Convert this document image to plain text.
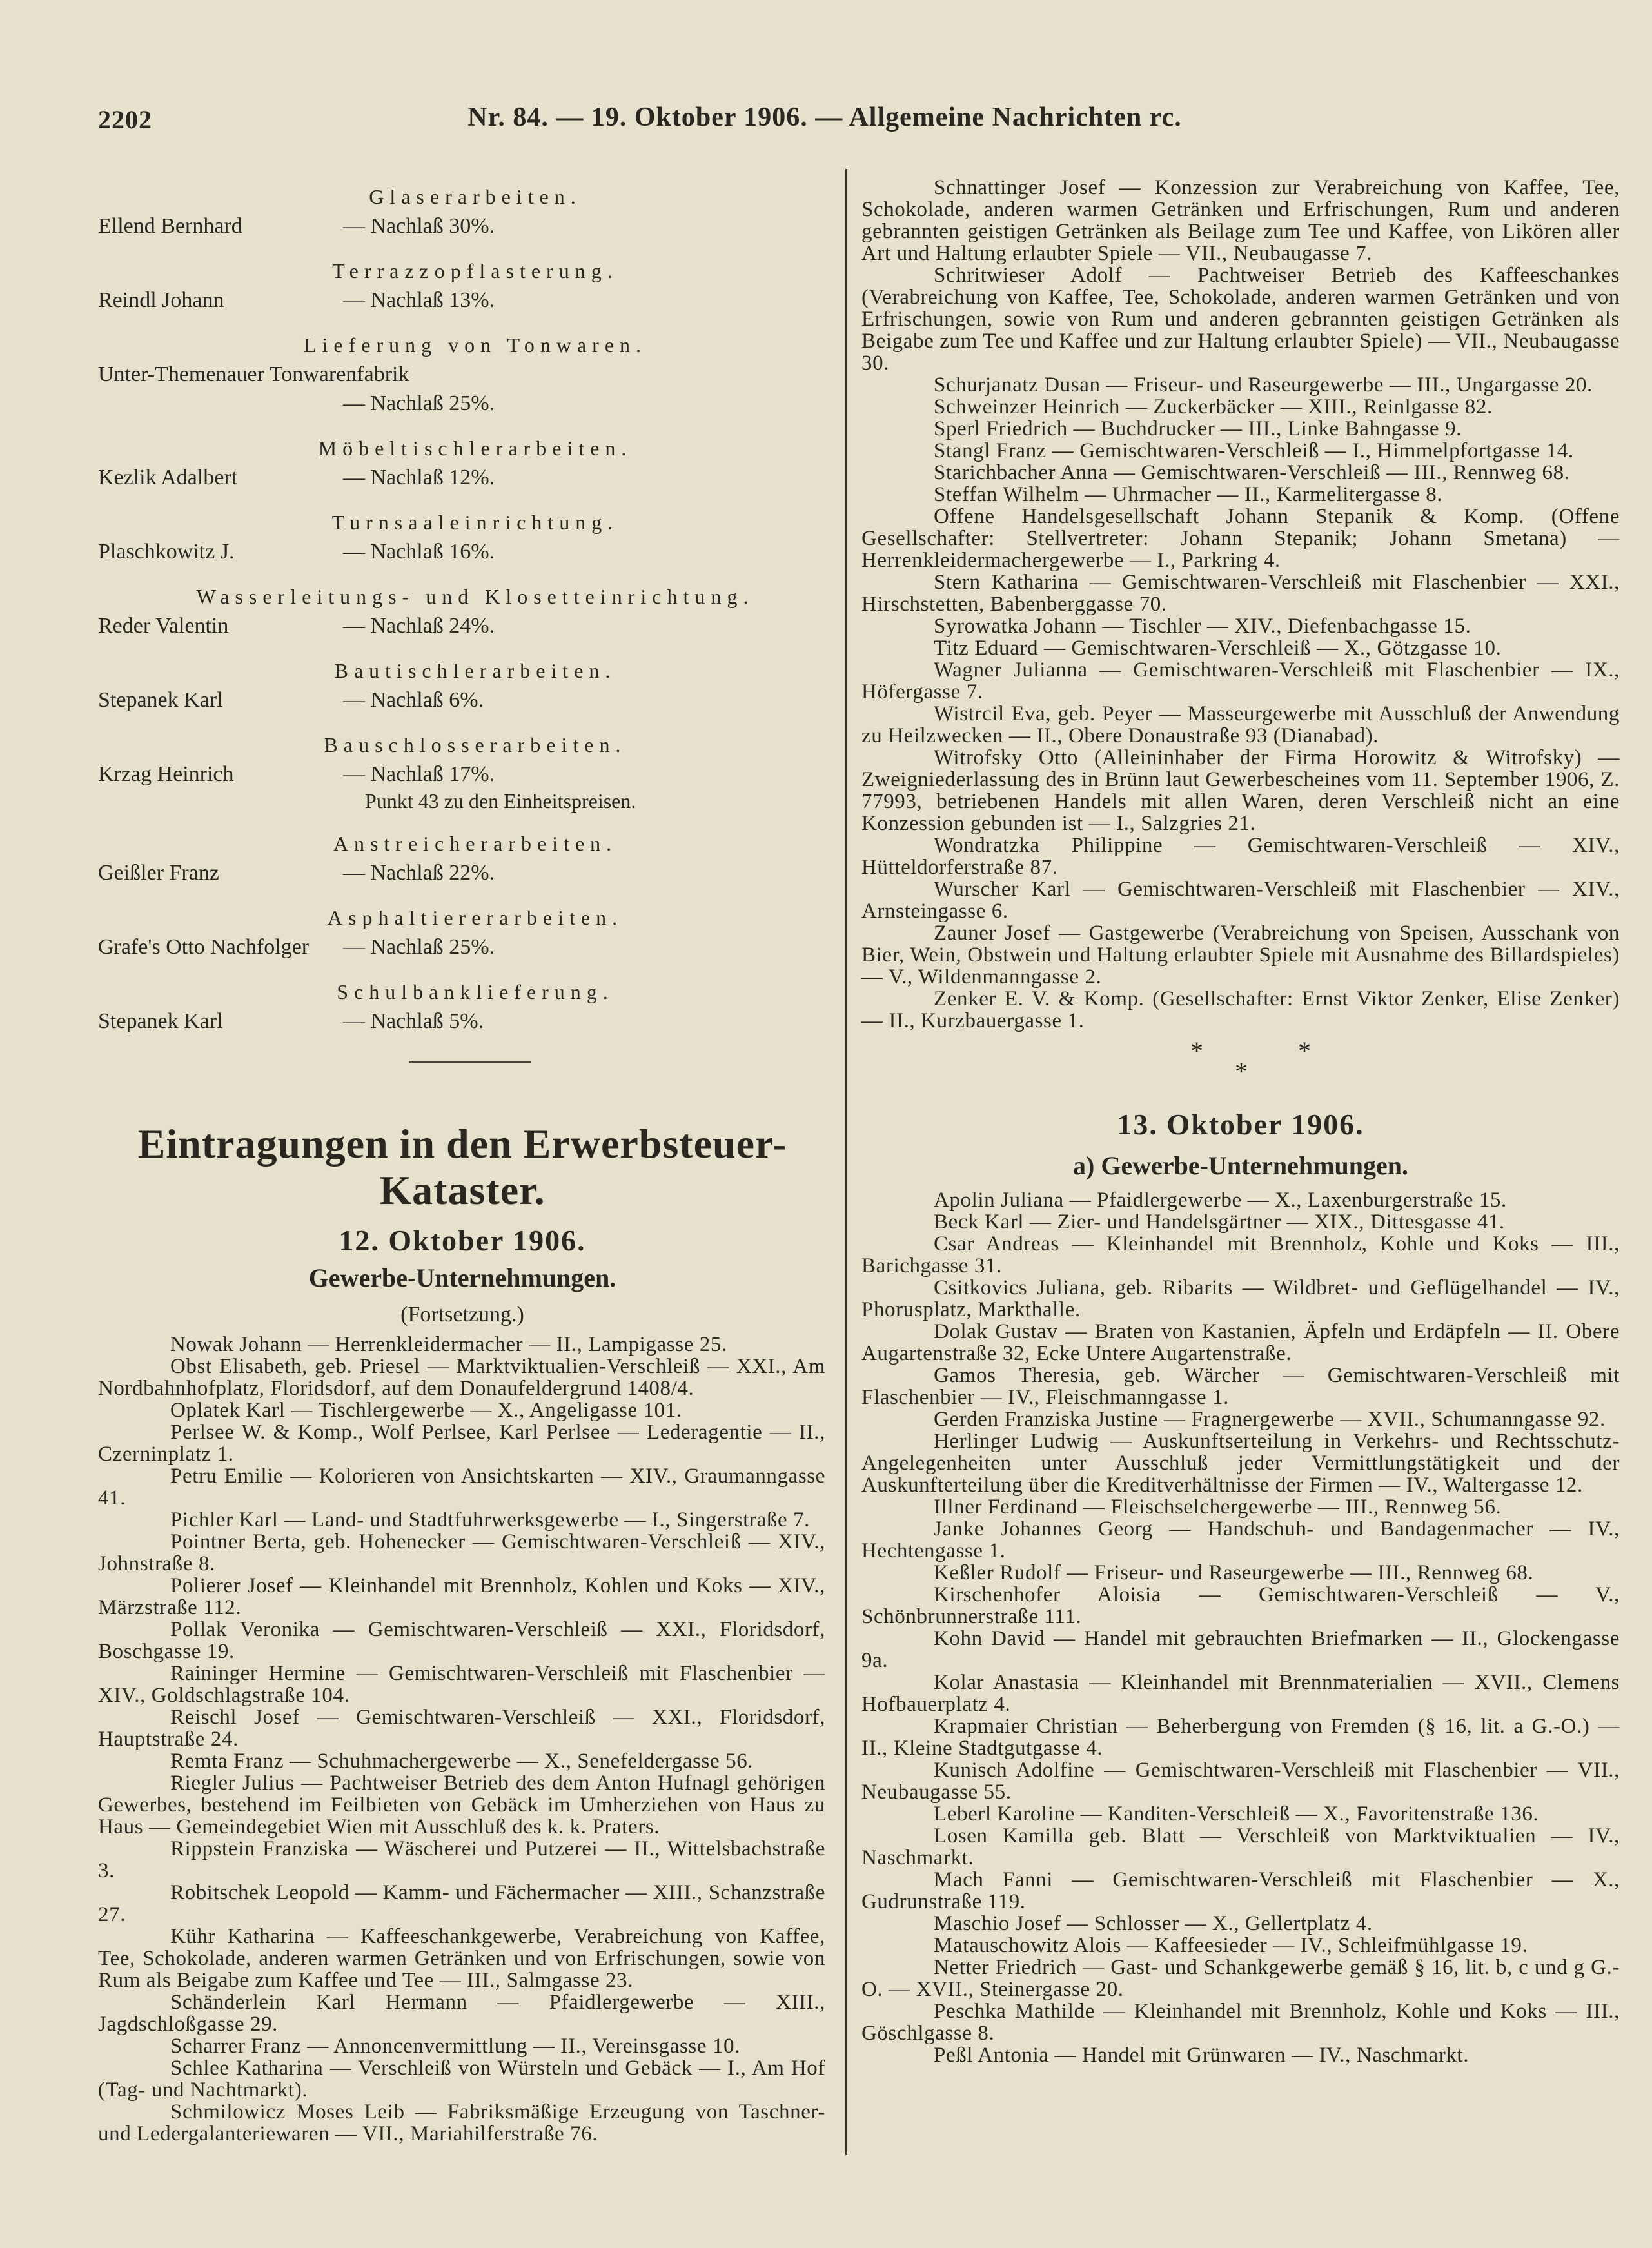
2202	Nr. 84. — 19. Oktober 1906. — Allgemeine Nachrichten rc.
Glaserarbeiten.
Ellend Bernhard	— Nachlaß 30%.
Terrazzopflasterung.
Reindl Johann	— Nachlaß 13%.
Lieferung von Tonwaren.
Unter-Themenauer Tonwarenfabrik
— Nachlaß 25%.
Möbeltischlerarbeiten.
Kezlik Adalbert	— Nachlaß 12%.
Turnsaaleinrichtung.
Plaschkowitz J.	— Nachlaß 16%.
Wasserleitungs- und Klosetteinrichtung.
Reder Valentin	— Nachlaß 24%.
Bautischlerarbeiten.
Stepanek Karl	— Nachlaß 6%.
Bauschlosserarbeiten.
Krzag Heinrich	— Nachlaß 17%.
Punkt 43 zu den Einheitspreisen.
Anstreicherarbeiten.
Geißler Franz	— Nachlaß 22%.
Asphaltiererarbeiten.
Grafe's Otto Nachfolger — Nachlaß 25%.
Schulbanklieferung.
Stepanek Karl	— Nachlaß 5%.
Eintragungen in den Erwerbsteuer-Kataster.
12. Oktober 1906.
Gewerbe-Unternehmungen.
(Fortsetzung.)

Nowak Johann — Herrenkleidermacher — II., Lampigasse 25.

Obst Elisabeth, geb. Priesel — Marktviktualien-Verschleiß — XXI., Am Nordbahnhofplatz, Floridsdorf, auf dem Donaufeldergrund 1408/4.

Oplatek Karl — Tischlergewerbe — X., Angeligasse 101.

Perlsee W. & Komp., Wolf Perlsee, Karl Perlsee — Lederagentie — II., Czerninplatz 1.

Petru Emilie — Kolorieren von Ansichtskarten — XIV., Graumanngasse 41.

Pichler Karl — Land- und Stadtfuhrwerksgewerbe — I., Singerstraße 7.

Pointner Berta, geb. Hohenecker — Gemischtwaren-Verschleiß — XIV., Johnstraße 8.

Polierer Josef — Kleinhandel mit Brennholz, Kohlen und Koks — XIV., Märzstraße 112.

Pollak Veronika — Gemischtwaren-Verschleiß — XXI., Floridsdorf, Boschgasse 19.

Raininger Hermine — Gemischtwaren-Verschleiß mit Flaschenbier — XIV., Goldschlagstraße 104.

Reischl Josef — Gemischtwaren-Verschleiß — XXI., Floridsdorf, Hauptstraße 24.

Remta Franz — Schuhmachergewerbe — X., Senefeldergasse 56.

Riegler Julius — Pachtweiser Betrieb des dem Anton Hufnagl gehörigen Gewerbes, bestehend im Feilbieten von Gebäck im Umherziehen von Haus zu Haus — Gemeindegebiet Wien mit Ausschluß des k. k. Praters.

Rippstein Franziska — Wäscherei und Putzerei — II., Wittelsbachstraße 3.

Robitschek Leopold — Kamm- und Fächermacher — XIII., Schanzstraße 27.

Kühr Katharina — Kaffeeschankgewerbe, Verabreichung von Kaffee, Tee, Schokolade, anderen warmen Getränken und von Erfrischungen, sowie von Rum als Beigabe zum Kaffee und Tee — III., Salmgasse 23.

Schänderlein Karl Hermann — Pfaidlergewerbe — XIII., Jagdschloßgasse 29.

Scharrer Franz — Annoncenvermittlung — II., Vereinsgasse 10.

Schlee Katharina — Verschleiß von Würsteln und Gebäck — I., Am Hof (Tag- und Nachtmarkt).

Schmilowicz Moses Leib — Fabriksmäßige Erzeugung von Taschner- und Ledergalanteriewaren — VII., Mariahilferstraße 76.

Schnattinger Josef — Konzession zur Verabreichung von Kaffee, Tee, Schokolade, anderen warmen Getränken und Erfrischungen, Rum und anderen gebrannten geistigen Getränken als Beilage zum Tee und Kaffee, von Likören aller Art und Haltung erlaubter Spiele — VII., Neubaugasse 7.

Schritwieser Adolf — Pachtweiser Betrieb des Kaffeeschankes (Verabreichung von Kaffee, Tee, Schokolade, anderen warmen Getränken und von Erfrischungen, sowie von Rum und anderen gebrannten geistigen Getränken als Beigabe zum Tee und Kaffee und zur Haltung erlaubter Spiele) — VII., Neubaugasse 30.

Schurjanatz Dusan — Friseur- und Raseurgewerbe — III., Ungargasse 20.

Schweinzer Heinrich — Zuckerbäcker — XIII., Reinlgasse 82.

Sperl Friedrich — Buchdrucker — III., Linke Bahngasse 9.

Stangl Franz — Gemischtwaren-Verschleiß — I., Himmelpfortgasse 14.

Starichbacher Anna — Gemischtwaren-Verschleiß — III., Rennweg 68.

Steffan Wilhelm — Uhrmacher — II., Karmelitergasse 8.

Offene Handelsgesellschaft Johann Stepanik & Komp. (Offene Gesellschafter: Stellvertreter: Johann Stepanik; Johann Smetana) — Herrenkleidermachergewerbe — I., Parkring 4.

Stern Katharina — Gemischtwaren-Verschleiß mit Flaschenbier — XXI., Hirschstetten, Babenberggasse 70.

Syrowatka Johann — Tischler — XIV., Diefenbachgasse 15.

Titz Eduard — Gemischtwaren-Verschleiß — X., Götzgasse 10.

Wagner Julianna — Gemischtwaren-Verschleiß mit Flaschenbier — IX., Höfergasse 7.

Wistrcil Eva, geb. Peyer — Masseurgewerbe mit Ausschluß der Anwendung zu Heilzwecken — II., Obere Donaustraße 93 (Dianabad).

Witrofsky Otto (Alleininhaber der Firma Horowitz & Witrofsky) — Zweigniederlassung des in Brünn laut Gewerbescheines vom 11. September 1906, Z. 77993, betriebenen Handels mit allen Waren, deren Verschleiß nicht an eine Konzession gebunden ist — I., Salzgries 21.

Wondratzka Philippine — Gemischtwaren-Verschleiß — XIV., Hütteldorferstraße 87.

Wurscher Karl — Gemischtwaren-Verschleiß mit Flaschenbier — XIV., Arnsteingasse 6.

Zauner Josef — Gastgewerbe (Verabreichung von Speisen, Ausschank von Bier, Wein, Obstwein und Haltung erlaubter Spiele mit Ausnahme des Billardspieles) — V., Wildenmanngasse 2.

Zenker E. V. & Komp. (Gesellschafter: Ernst Viktor Zenker, Elise Zenker) — II., Kurzbauergasse 1.

*	*
*
13. Oktober 1906.
a) Gewerbe-Unternehmungen.

Apolin Juliana — Pfaidlergewerbe — X., Laxenburgerstraße 15.

Beck Karl — Zier- und Handelsgärtner — XIX., Dittesgasse 41.

Csar Andreas — Kleinhandel mit Brennholz, Kohle und Koks — III., Barichgasse 31.

Csitkovics Juliana, geb. Ribarits — Wildbret- und Geflügelhandel — IV., Phorusplatz, Markthalle.

Dolak Gustav — Braten von Kastanien, Äpfeln und Erdäpfeln — II. Obere Augartenstraße 32, Ecke Untere Augartenstraße.

Gamos Theresia, geb. Wärcher — Gemischtwaren-Verschleiß mit Flaschenbier — IV., Fleischmanngasse 1.

Gerden Franziska Justine — Fragnergewerbe — XVII., Schumanngasse 92.

Herlinger Ludwig — Auskunftserteilung in Verkehrs- und Rechtsschutz-Angelegenheiten unter Ausschluß jeder Vermittlungstätigkeit und der Auskunfterteilung über die Kreditverhältnisse der Firmen — IV., Waltergasse 12.

Illner Ferdinand — Fleischselchergewerbe — III., Rennweg 56.

Janke Johannes Georg — Handschuh- und Bandagenmacher — IV., Hechtengasse 1.

Keßler Rudolf — Friseur- und Raseurgewerbe — III., Rennweg 68.

Kirschenhofer Aloisia — Gemischtwaren-Verschleiß — V., Schönbrunnerstraße 111.

Kohn David — Handel mit gebrauchten Briefmarken — II., Glockengasse 9a.

Kolar Anastasia — Kleinhandel mit Brennmaterialien — XVII., Clemens Hofbauerplatz 4.

Krapmaier Christian — Beherbergung von Fremden (§ 16, lit. a G.-O.) — II., Kleine Stadtgutgasse 4.

Kunisch Adolfine — Gemischtwaren-Verschleiß mit Flaschenbier — VII., Neubaugasse 55.

Leberl Karoline — Kanditen-Verschleiß — X., Favoritenstraße 136.

Losen Kamilla geb. Blatt — Verschleiß von Marktviktualien — IV., Naschmarkt.

Mach Fanni — Gemischtwaren-Verschleiß mit Flaschenbier — X., Gudrunstraße 119.

Maschio Josef — Schlosser — X., Gellertplatz 4.

Matauschowitz Alois — Kaffeesieder — IV., Schleifmühlgasse 19.

Netter Friedrich — Gast- und Schankgewerbe gemäß § 16, lit. b, c und g G.-O. — XVII., Steinergasse 20.

Peschka Mathilde — Kleinhandel mit Brennholz, Kohle und Koks — III., Göschlgasse 8.

Peßl Antonia — Handel mit Grünwaren — IV., Naschmarkt.
